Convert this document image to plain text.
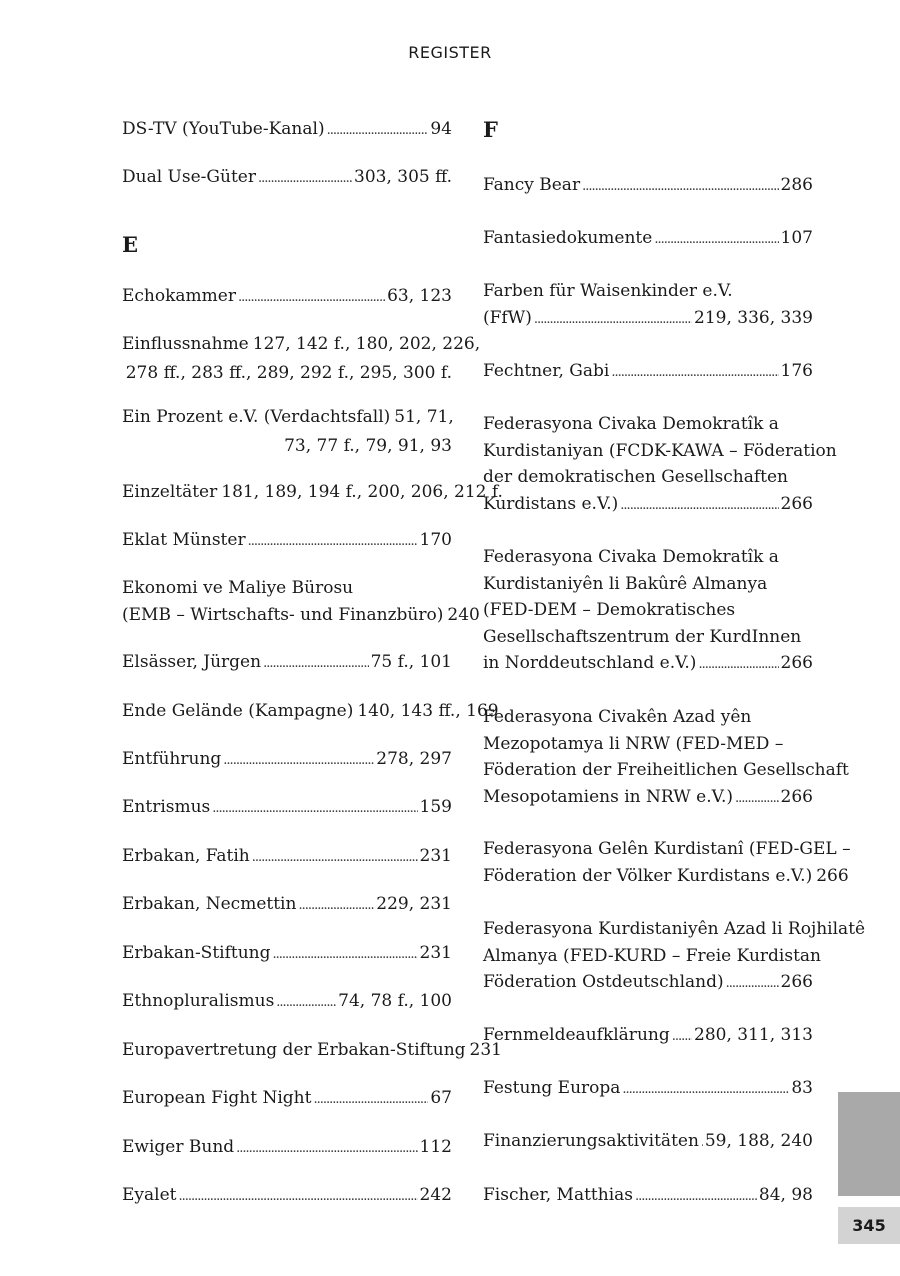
REGISTER
DS-TV (YouTube-Kanal) .....	94
Dual Use-Güter .....	303, 305 ff.
E
Echokammer .....	63, 123
Einflussnahme 127, 142 f., 180, 202, 226,
278 ff., 283 ff., 289, 292 f., 295, 300 f.
Ein Prozent e.V. (Verdachtsfall) 51, 71,
73, 77 f., 79, 91, 93
Einzeltäter 181, 189, 194 f., 200, 206, 212 f.
Eklat Münster .....	170
Ekonomi ve Maliye Bürosu
(EMB – Wirtschafts- und Finanzbüro) 240
Elsässer, Jürgen .....	75 f., 101
Ende Gelände (Kampagne) 140, 143 ff., 169
Entführung .....	278, 297
Entrismus .....	159
Erbakan, Fatih .....	231
Erbakan, Necmettin .....	229, 231
Erbakan-Stiftung .....	231
Ethnopluralismus .....	74, 78 f., 100
Europavertretung der Erbakan-Stiftung 231
European Fight Night .....	67
Ewiger Bund .....	112
Eyalet .....	242
F
Fancy Bear .....	286
Fantasiedokumente .....	107
Farben für Waisenkinder e.V.
(FfW) .....	219, 336, 339
Fechtner, Gabi .....	176
Federasyona Civaka Demokratîk a
Kurdistaniyan (FCDK-KAWA – Föderation
der demokratischen Gesellschaften
Kurdistans e.V.) .....	266
Federasyona Civaka Demokratîk a
Kurdistaniyên li Bakûrê Almanya
(FED-DEM – Demokratisches
Gesellschaftszentrum der KurdInnen
in Norddeutschland e.V.) .....	266
Federasyona Civakên Azad yên
Mezopotamya li NRW (FED-MED –
Föderation der Freiheitlichen Gesellschaft
Mesopotamiens in NRW e.V.) .....	266
Federasyona Gelên Kurdistanî (FED-GEL –
Föderation der Völker Kurdistans e.V.) 266
Federasyona Kurdistaniyên Azad li Rojhilatê
Almanya (FED-KURD – Freie Kurdistan
Föderation Ostdeutschland) .....	266
Fernmeldeaufklärung ..... 280, 311, 313
Festung Europa .....	83
Finanzierungsaktivitäten ..... 59, 188, 240
Fischer, Matthias .....	84, 98
345
